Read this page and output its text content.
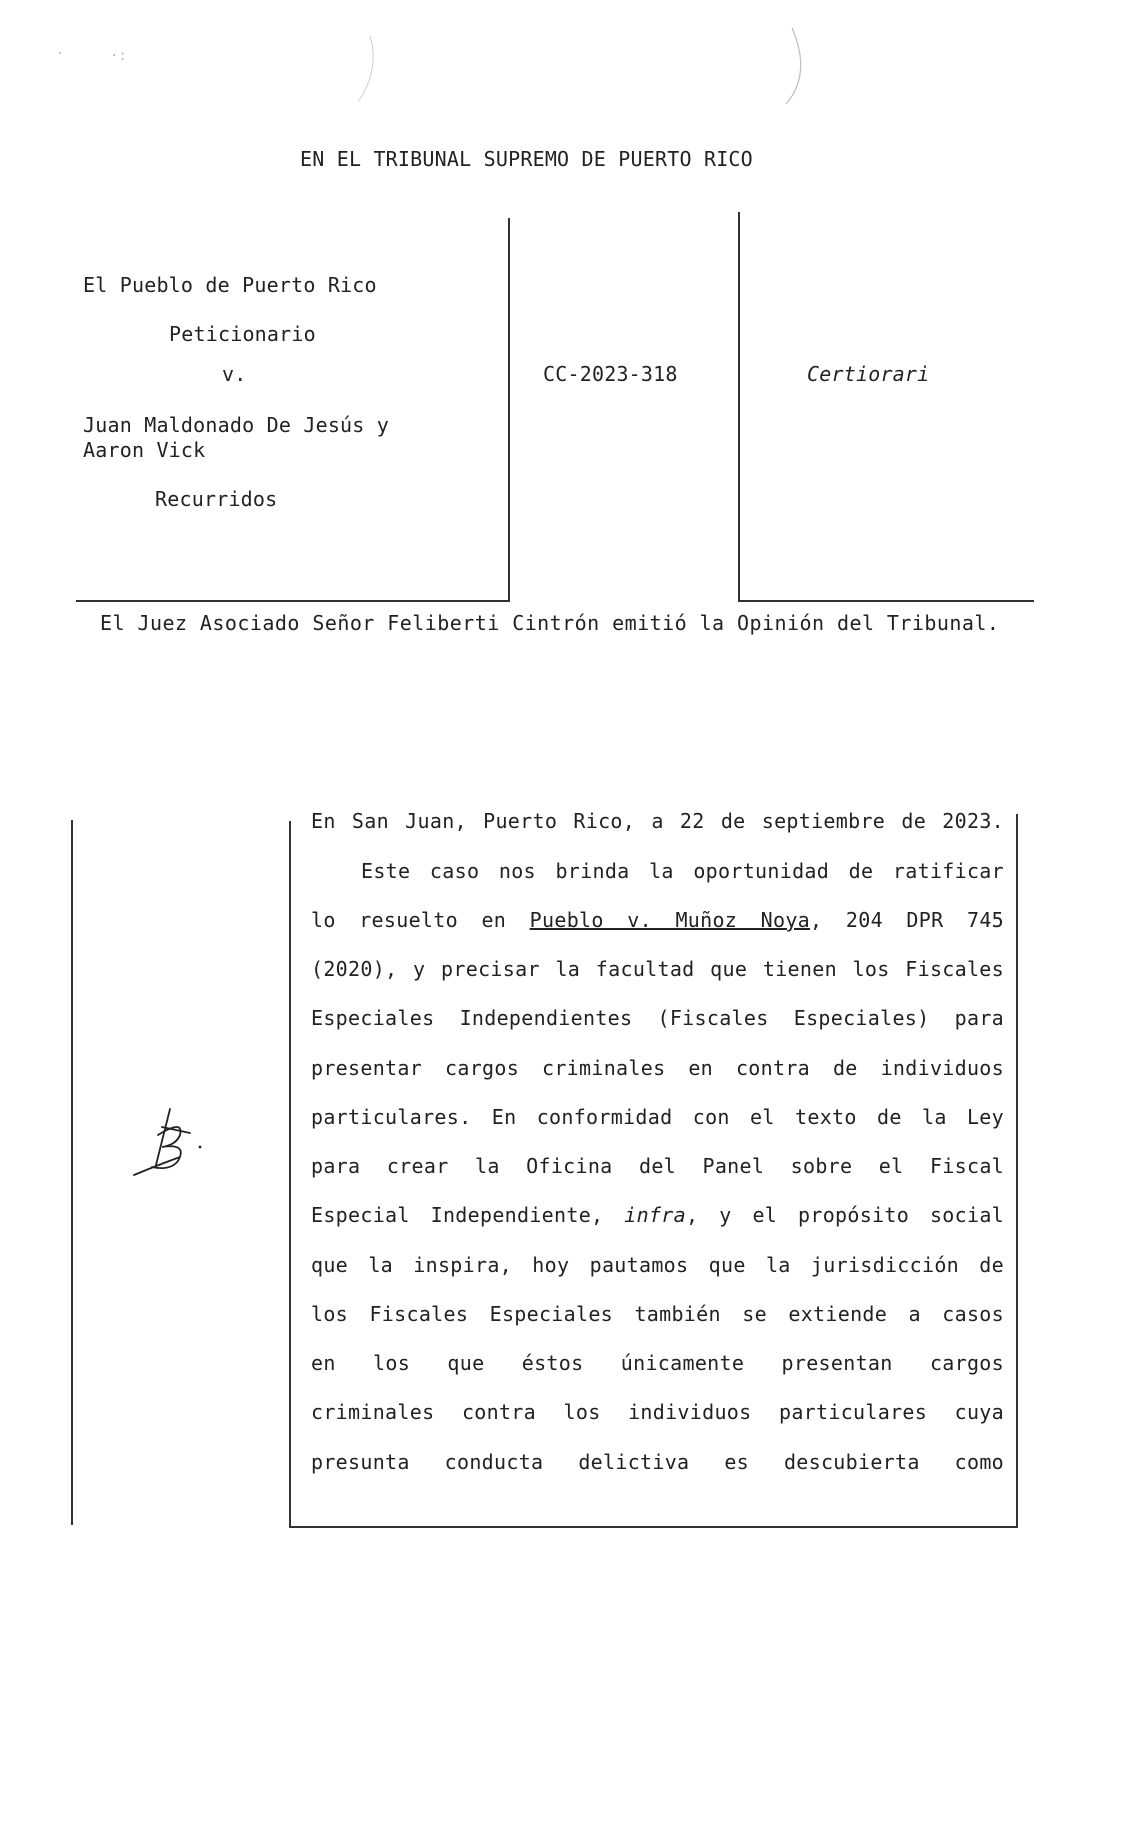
·	·:
EN EL TRIBUNAL SUPREMO DE PUERTO RICO
El Pueblo de Puerto Rico
Peticionario
v.
Juan Maldonado De Jesús y
Aaron Vick
Recurridos
CC-2023-318	Certiorari
El Juez Asociado Señor Feliberti Cintrón emitió la Opinión del Tribunal.
En San Juan, Puerto Rico, a 22 de septiembre de 2023.
Este caso nos brinda la oportunidad de ratificar
lo resuelto en Pueblo v. Muñoz Noya, 204 DPR 745
(2020), y precisar la facultad que tienen los Fiscales
Especiales Independientes (Fiscales Especiales) para
presentar cargos criminales en contra de individuos
particulares. En conformidad con el texto de la Ley
para crear la Oficina del Panel sobre el Fiscal
Especial Independiente, infra, y el propósito social
que la inspira, hoy pautamos que la jurisdicción de
los Fiscales Especiales también se extiende a casos
en los que éstos únicamente presentan cargos
criminales contra los individuos particulares cuya
presunta conducta delictiva es descubierta como
